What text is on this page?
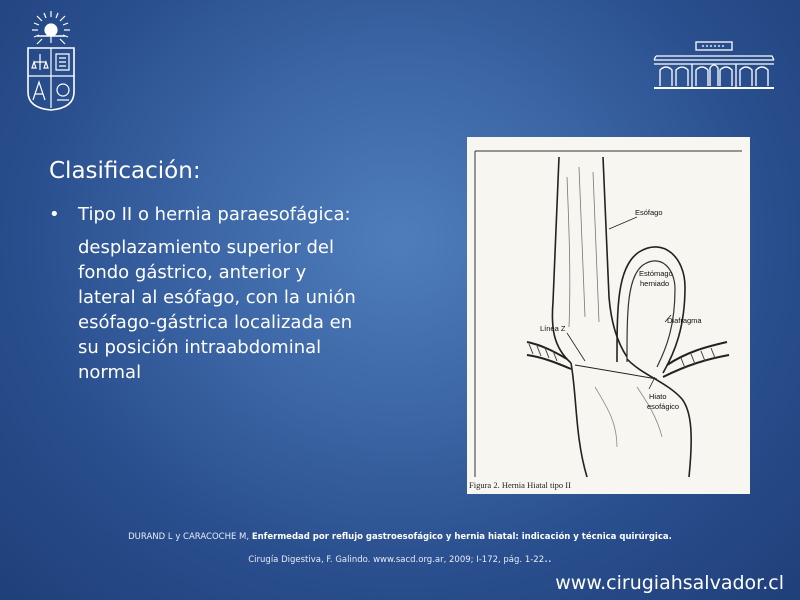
Clasificación:
• Tipo II o hernia paraesofágica:
desplazamiento superior del
fondo gástrico, anterior y
lateral al esófago, con la unión
esófago-gástrica localizada en
su posición intraabdominal
normal
Esófago
Estómago
herniado
Diafragma
Línea Z
Hiato
esofágico
Figura 2. Hernia Hiatal tipo II
DURAND L y CARACOCHE M, Enfermedad por reflujo gastroesofágico y hernia hiatal: indicación y técnica quirúrgica.
Cirugía Digestiva, F. Galindo. www.sacd.org.ar, 2009; I-172, pág. 1-22..
www.cirugiahsalvador.cl
